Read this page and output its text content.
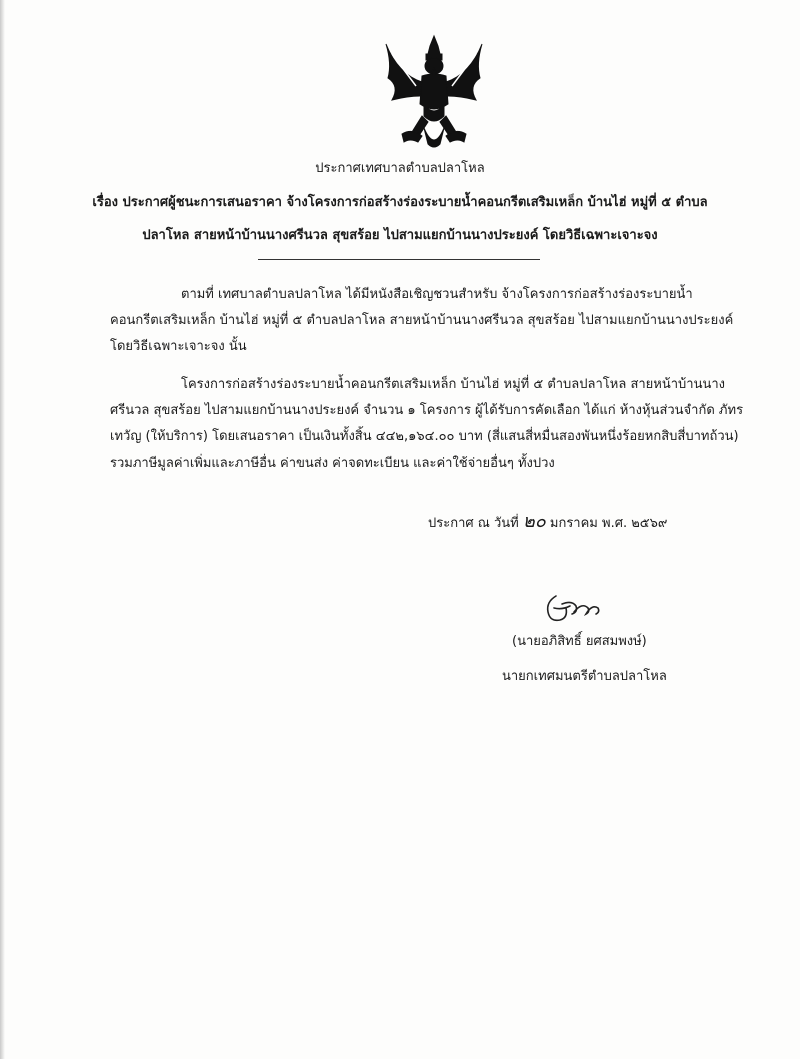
ประกาศเทศบาลตำบลปลาโหล
เรื่อง ประกาศผู้ชนะการเสนอราคา จ้างโครงการก่อสร้างร่องระบายน้ำคอนกรีตเสริมเหล็ก บ้านไฮ่ หมู่ที่ ๕ ตำบล
ปลาโหล สายหน้าบ้านนางศรีนวล สุขสร้อย ไปสามแยกบ้านนางประยงค์ โดยวิธีเฉพาะเจาะจง
ตามที่ เทศบาลตำบลปลาโหล ได้มีหนังสือเชิญชวนสำหรับ จ้างโครงการก่อสร้างร่องระบายน้ำ
คอนกรีตเสริมเหล็ก บ้านไฮ่ หมู่ที่ ๕ ตำบลปลาโหล สายหน้าบ้านนางศรีนวล สุขสร้อย ไปสามแยกบ้านนางประยงค์
โดยวิธีเฉพาะเจาะจง นั้น
โครงการก่อสร้างร่องระบายน้ำคอนกรีตเสริมเหล็ก บ้านไฮ่ หมู่ที่ ๕ ตำบลปลาโหล สายหน้าบ้านนาง
ศรีนวล สุขสร้อย ไปสามแยกบ้านนางประยงค์ จำนวน ๑ โครงการ ผู้ได้รับการคัดเลือก ได้แก่ ห้างหุ้นส่วนจำกัด ภัทร
เทวัญ (ให้บริการ) โดยเสนอราคา เป็นเงินทั้งสิ้น ๔๔๒,๑๖๔.๐๐ บาท (สี่แสนสี่หมื่นสองพันหนึ่งร้อยหกสิบสี่บาทถ้วน)
รวมภาษีมูลค่าเพิ่มและภาษีอื่น ค่าขนส่ง ค่าจดทะเบียน และค่าใช้จ่ายอื่นๆ ทั้งปวง
ประกาศ ณ วันที่ ๒๐ มกราคม พ.ศ. ๒๕๖๙
(นายอภิสิทธิ์ ยศสมพงษ์)
นายกเทศมนตรีตำบลปลาโหล
